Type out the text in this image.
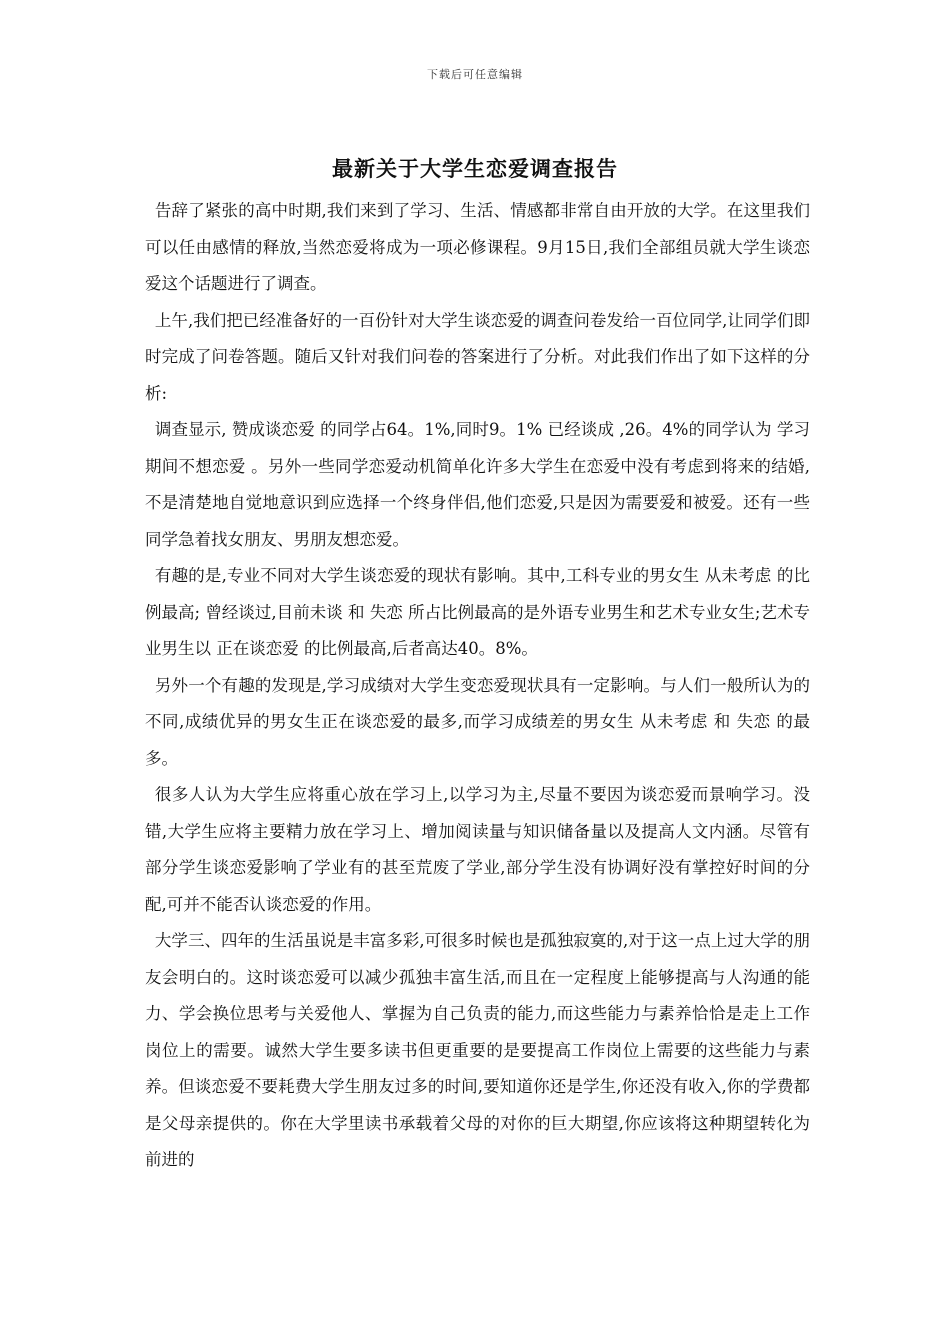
下载后可任意编辑
最新关于大学生恋爱调查报告

告辞了紧张的高中时期,我们来到了学习、生活、情感都非常自由开放的大学。在这里我们可以任由感情的释放,当然恋爱将成为一项必修课程。9月15日,我们全部组员就大学生谈恋爱这个话题进行了调查。

上午,我们把已经准备好的一百份针对大学生谈恋爱的调查问卷发给一百位同学,让同学们即时完成了问卷答题。随后又针对我们问卷的答案进行了分析。对此我们作出了如下这样的分析:

调查显示, 赞成谈恋爱 的同学占64。1%,同时9。1% 已经谈成 ,26。4%的同学认为 学习期间不想恋爱 。另外一些同学恋爱动机简单化许多大学生在恋爱中没有考虑到将来的结婚,不是清楚地自觉地意识到应选择一个终身伴侣,他们恋爱,只是因为需要爱和被爱。还有一些同学急着找女朋友、男朋友想恋爱。

有趣的是,专业不同对大学生谈恋爱的现状有影响。其中,工科专业的男女生 从未考虑 的比例最高; 曾经谈过,目前未谈 和 失恋 所占比例最高的是外语专业男生和艺术专业女生;艺术专业男生以 正在谈恋爱 的比例最高,后者高达40。8%。

另外一个有趣的发现是,学习成绩对大学生变恋爱现状具有一定影响。与人们一般所认为的不同,成绩优异的男女生正在谈恋爱的最多,而学习成绩差的男女生 从未考虑 和 失恋 的最多。

很多人认为大学生应将重心放在学习上,以学习为主,尽量不要因为谈恋爱而景响学习。没错,大学生应将主要精力放在学习上、增加阅读量与知识储备量以及提高人文内涵。尽管有部分学生谈恋爱影响了学业有的甚至荒废了学业,部分学生没有协调好没有掌控好时间的分配,可并不能否认谈恋爱的作用。

大学三、四年的生活虽说是丰富多彩,可很多时候也是孤独寂寞的,对于这一点上过大学的朋友会明白的。这时谈恋爱可以减少孤独丰富生活,而且在一定程度上能够提高与人沟通的能力、学会换位思考与关爱他人、掌握为自己负责的能力,而这些能力与素养恰恰是走上工作岗位上的需要。诚然大学生要多读书但更重要的是要提高工作岗位上需要的这些能力与素养。但谈恋爱不要耗费大学生朋友过多的时间,要知道你还是学生,你还没有收入,你的学费都是父母亲提供的。你在大学里读书承载着父母的对你的巨大期望,你应该将这种期望转化为前进的
